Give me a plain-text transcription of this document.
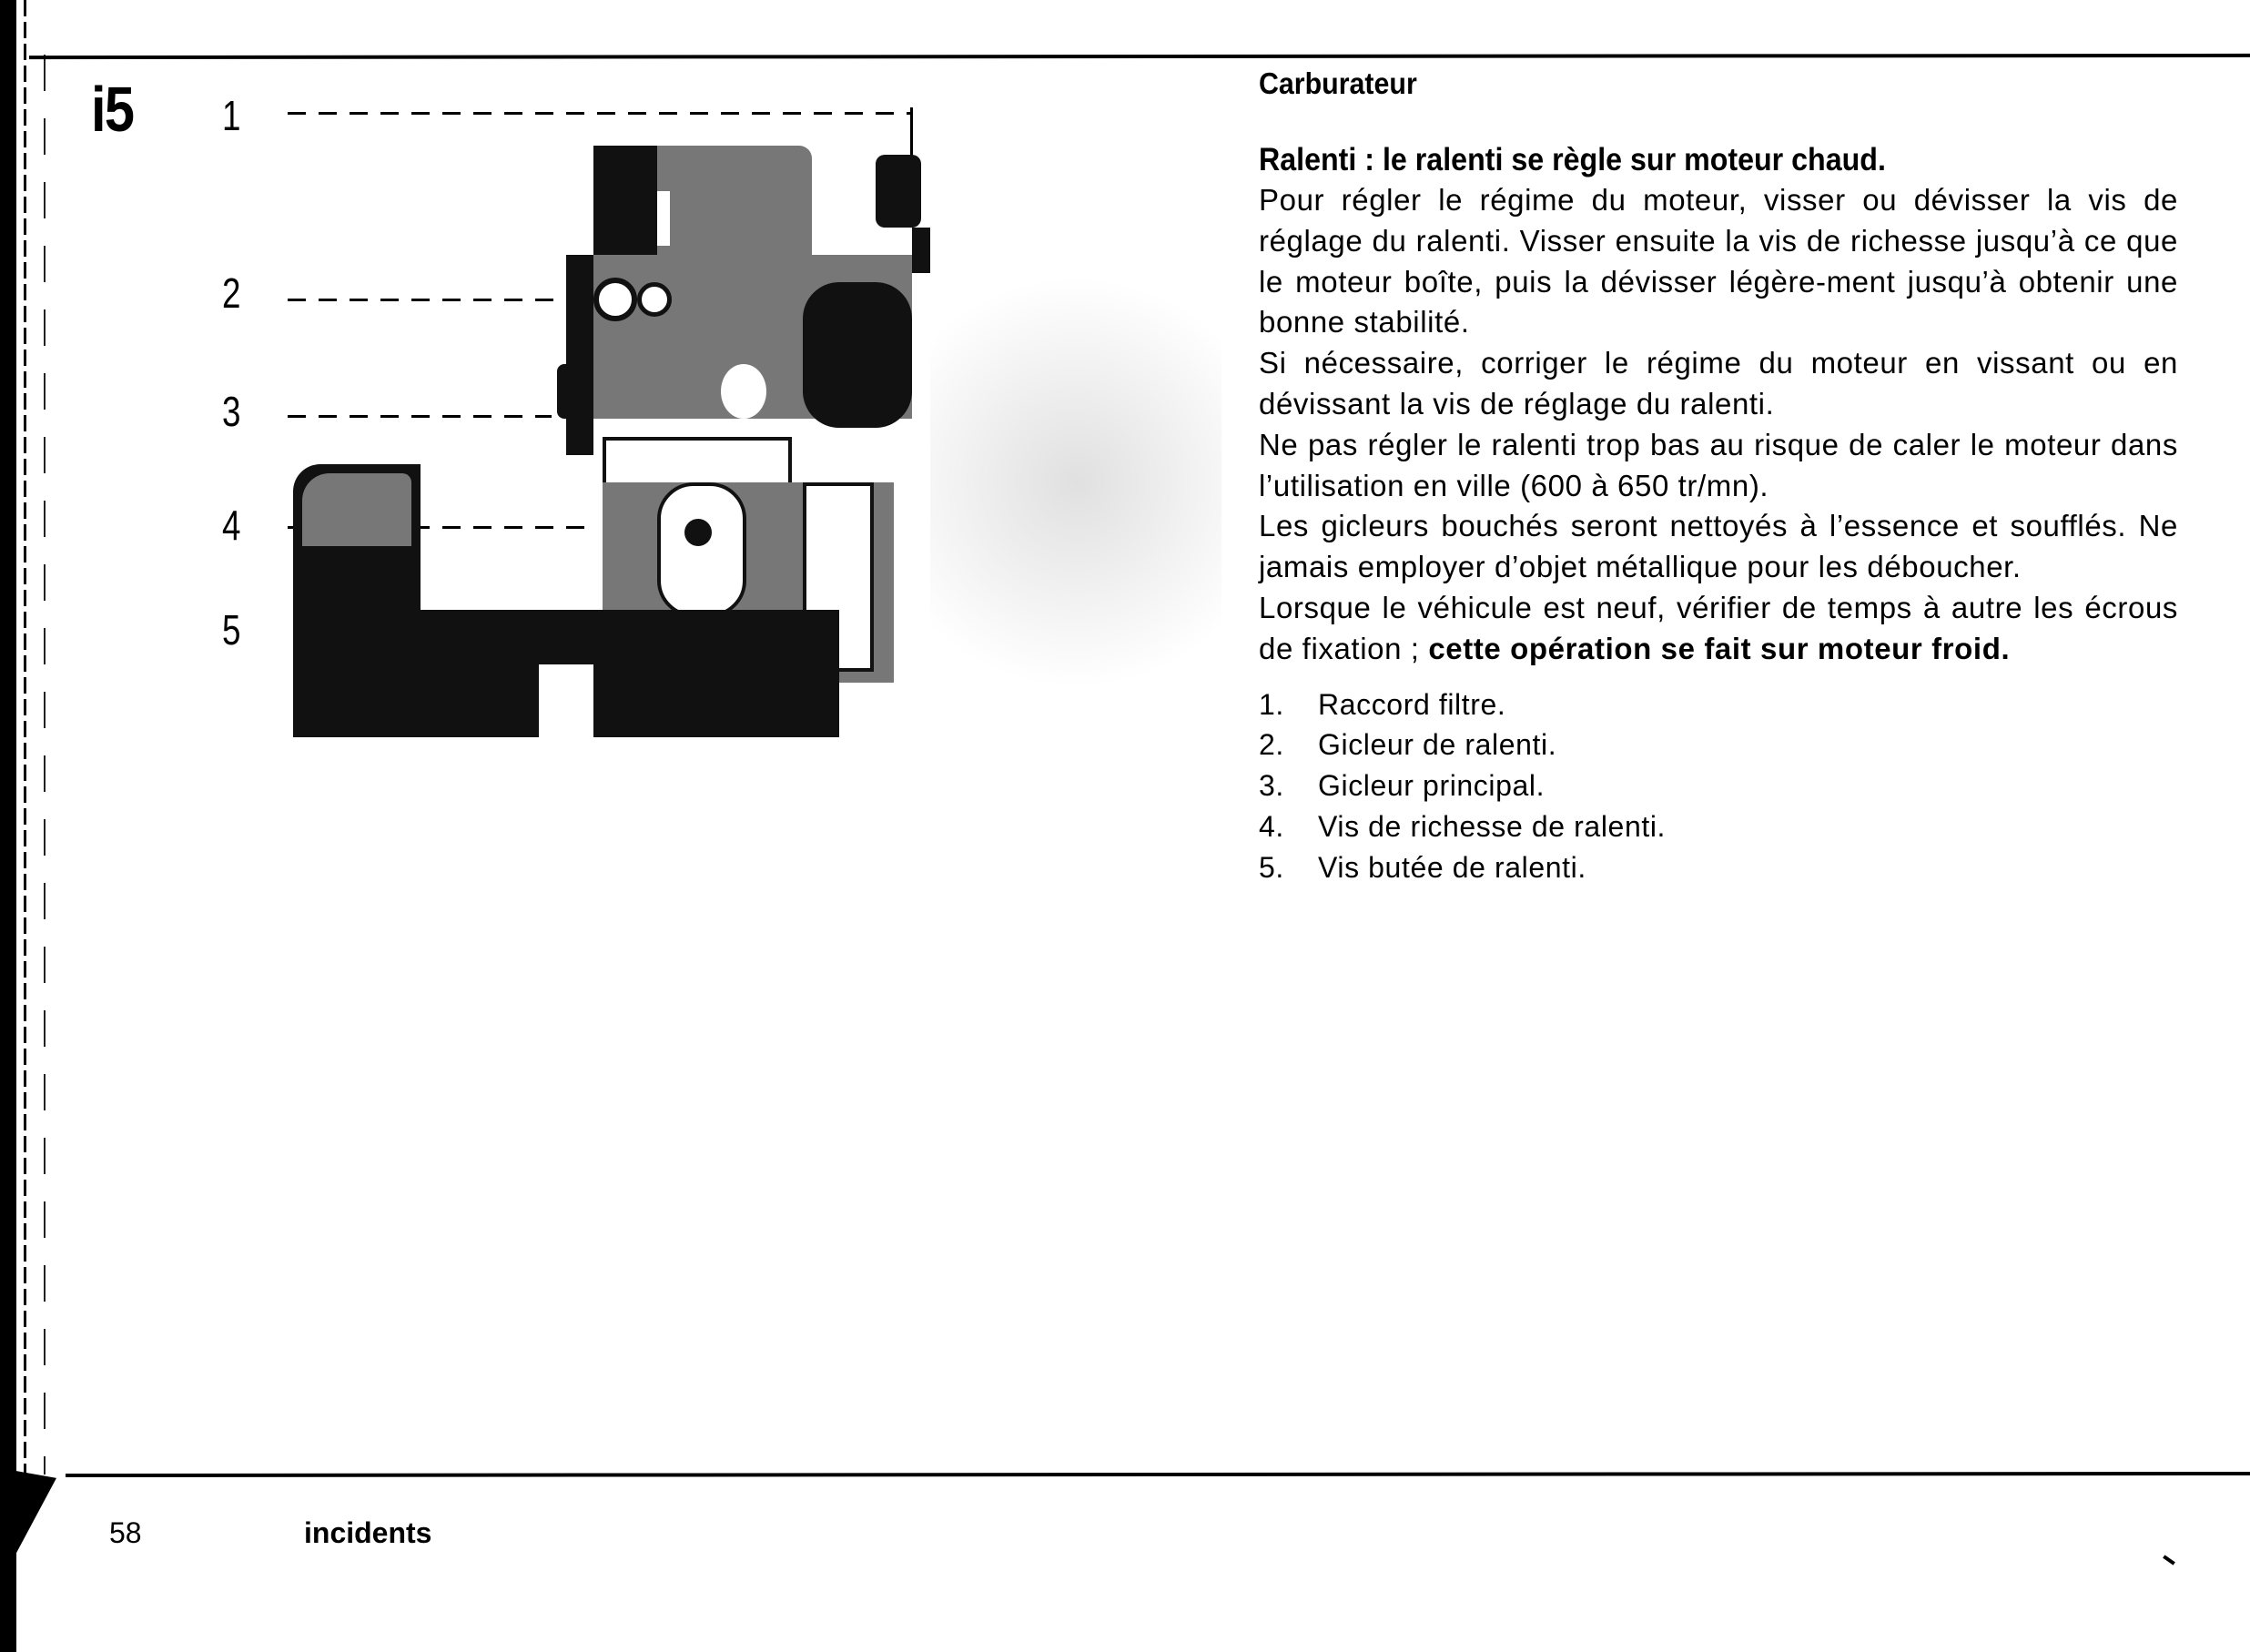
i5 1
2
3
4
5
Carburateur
Ralenti : le ralenti se règle sur moteur chaud.

Pour régler le régime du moteur, visser ou dévisser la vis de réglage du ralenti. Visser ensuite la vis de richesse jusqu’à ce que le moteur boîte, puis la dévisser légère-ment jusqu’à obtenir une bonne stabilité.

Si nécessaire, corriger le régime du moteur en vissant ou en dévissant la vis de réglage du ralenti.

Ne pas régler le ralenti trop bas au risque de caler le moteur dans l’utilisation en ville (600 à 650 tr/mn).

Les gicleurs bouchés seront nettoyés à l’essence et soufflés. Ne jamais employer d’objet métallique pour les déboucher.

Lorsque le véhicule est neuf, vérifier de temps à autre les écrous de fixation ; cette opération se fait sur moteur froid.

1.	Raccord filtre.
2.	Gicleur de ralenti.
3.	Gicleur principal.
4.	Vis de richesse de ralenti.
5.	Vis butée de ralenti.
58	incidents
